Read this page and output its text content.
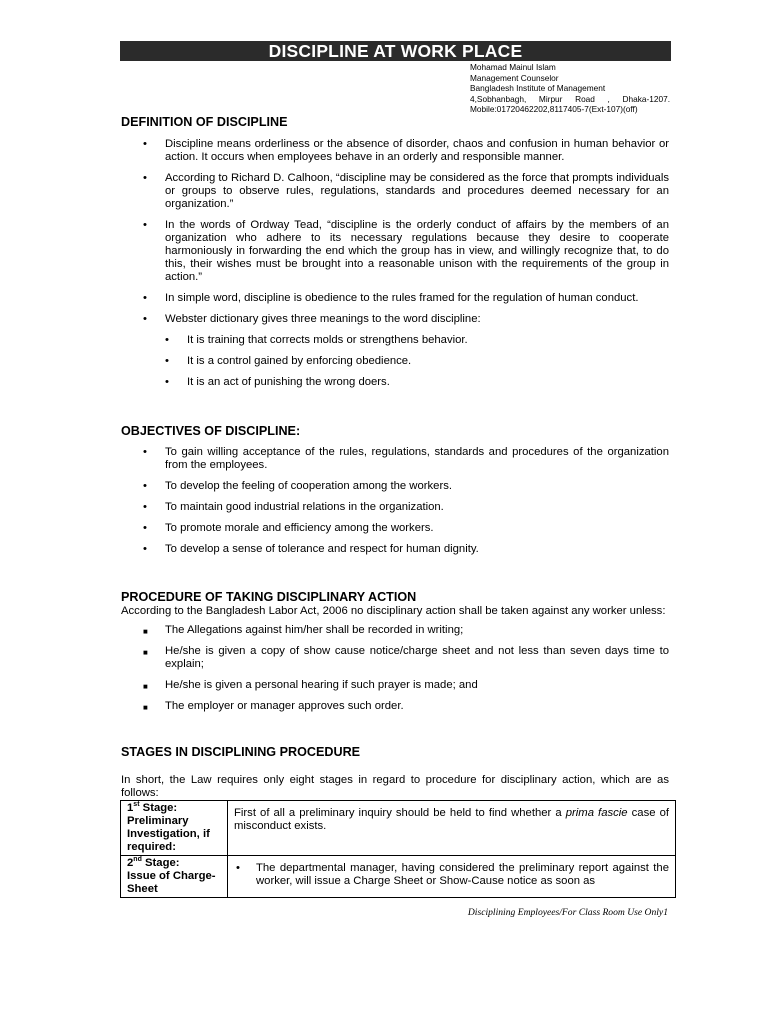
DISCIPLINE AT WORK PLACE
Mohamad Mainul Islam
Management Counselor
Bangladesh Institute of Management
4,Sobhanbagh, Mirpur Road , Dhaka-1207.
Mobile:01720462202,8117405-7(Ext-107)(off)
DEFINITION OF DISCIPLINE
• Discipline means orderliness or the absence of disorder, chaos and confusion in human behavior or action. It occurs when employees behave in an orderly and responsible manner.
• According to Richard D. Calhoon, “discipline may be considered as the force that prompts individuals or groups to observe rules, regulations, standards and procedures deemed necessary for an organization.”
• In the words of Ordway Tead, “discipline is the orderly conduct of affairs by the members of an organization who adhere to its necessary regulations because they desire to cooperate harmoniously in forwarding the end which the group has in view, and willingly recognize that, to do this, their wishes must be brought into a reasonable unison with the requirements of the group in action.”
• In simple word, discipline is obedience to the rules framed for the regulation of human conduct.
• Webster dictionary gives three meanings to the word discipline:
• It is training that corrects molds or strengthens behavior.
• It is a control gained by enforcing obedience.
• It is an act of punishing the wrong doers.
OBJECTIVES OF DISCIPLINE:
• To gain willing acceptance of the rules, regulations, standards and procedures of the organization from the employees.
• To develop the feeling of cooperation among the workers.
• To maintain good industrial relations in the organization.
• To promote morale and efficiency among the workers.
• To develop a sense of tolerance and respect for human dignity.
PROCEDURE OF TAKING DISCIPLINARY ACTION
According to the Bangladesh Labor Act, 2006 no disciplinary action shall be taken against any worker unless:
■ The Allegations against him/her shall be recorded in writing;
■ He/she is given a copy of show cause notice/charge sheet and not less than seven days time to explain;
■ He/she is given a personal hearing if such prayer is made; and
■ The employer or manager approves such order.
STAGES IN DISCIPLINING PROCEDURE
In short, the Law requires only eight stages in regard to procedure for disciplinary action, which are as follows:
1st Stage:
Preliminary Investigation, if required:	First of all a preliminary inquiry should be held to find whether a prima fascie case of misconduct exists.
2nd Stage:
Issue of Charge-Sheet	• The departmental manager, having considered the preliminary report against the worker, will issue a Charge Sheet or Show-Cause notice as soon as
Disciplining Employees/For Class Room Use Only1
